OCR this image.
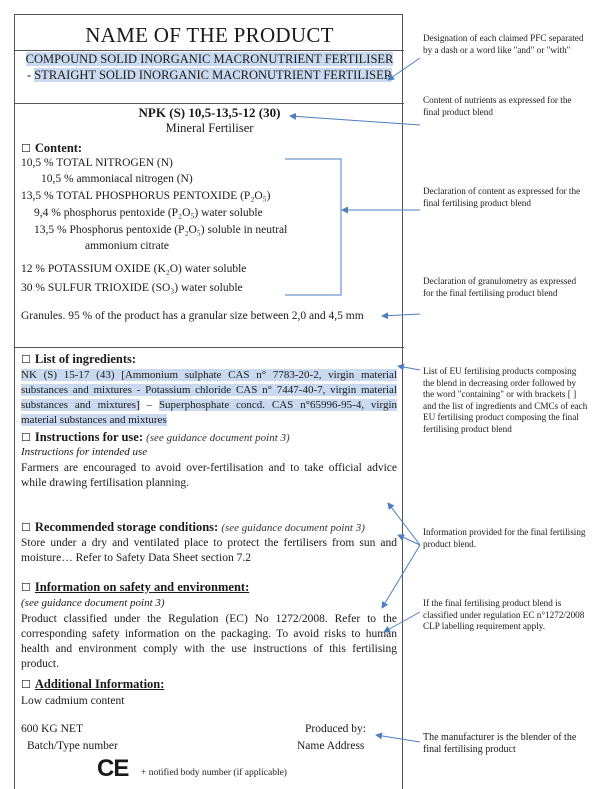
NAME OF THE PRODUCT
COMPOUND SOLID INORGANIC MACRONUTRIENT FERTILISER - STRAIGHT SOLID INORGANIC MACRONUTRIENT FERTILISER
NPK (S) 10,5-13,5-12 (30)
Mineral Fertiliser
☐ Content:
10,5 % TOTAL NITROGEN (N)
10,5 % ammoniacal nitrogen (N)
13,5 % TOTAL PHOSPHORUS PENTOXIDE (P₂O₅)
9,4 % phosphorus pentoxide (P₂O₅) water soluble
13,5 % Phosphorus pentoxide (P₂O₅) soluble in neutral
ammonium citrate
12 % POTASSIUM OXIDE (K₂O) water soluble
30 % SULFUR TRIOXIDE (SO₃) water soluble
Granules. 95 % of the product has a granular size between 2,0 and 4,5 mm
☐ List of ingredients:
NK (S) 15-17 (43) [Ammonium sulphate CAS n° 7783-20-2, virgin material substances and mixtures - Potassium chloride CAS n° 7447-40-7, virgin material substances and mixtures] – Superphosphate concd. CAS n°65996-95-4, virgin material substances and mixtures
☐ Instructions for use: (see guidance document point 3)
Instructions for intended use
Farmers are encouraged to avoid over-fertilisation and to take official advice while drawing fertilisation planning.
☐ Recommended storage conditions: (see guidance document point 3)
Store under a dry and ventilated place to protect the fertilisers from sun and moisture… Refer to Safety Data Sheet section 7.2
☐ Information on safety and environment:
(see guidance document point 3)
Product classified under the Regulation (EC) No 1272/2008. Refer to the corresponding safety information on the packaging. To avoid risks to human health and environment comply with the use instructions of this fertilising product.
☐ Additional Information:
Low cadmium content
600 KG NET
Batch/Type number
Produced by:
Name Address
CE + notified body number (if applicable)
Designation of each claimed PFC separated by a dash or a word like "and" or "with"
Content of nutrients as expressed for the final product blend
Declaration of content as expressed for the final fertilising product blend
Declaration of granulometry as expressed for the final fertilising product blend
List of EU fertilising products composing the blend in decreasing order followed by the word "containing" or with brackets [ ] and the list of ingredients and CMCs of each EU fertilising product composing the final fertilising product blend
Information provided for the final fertilising product blend.
If the final fertilising product blend is classified under regulation EC n°1272/2008 CLP labelling requirement apply.
The manufacturer is the blender of the final fertilising product
